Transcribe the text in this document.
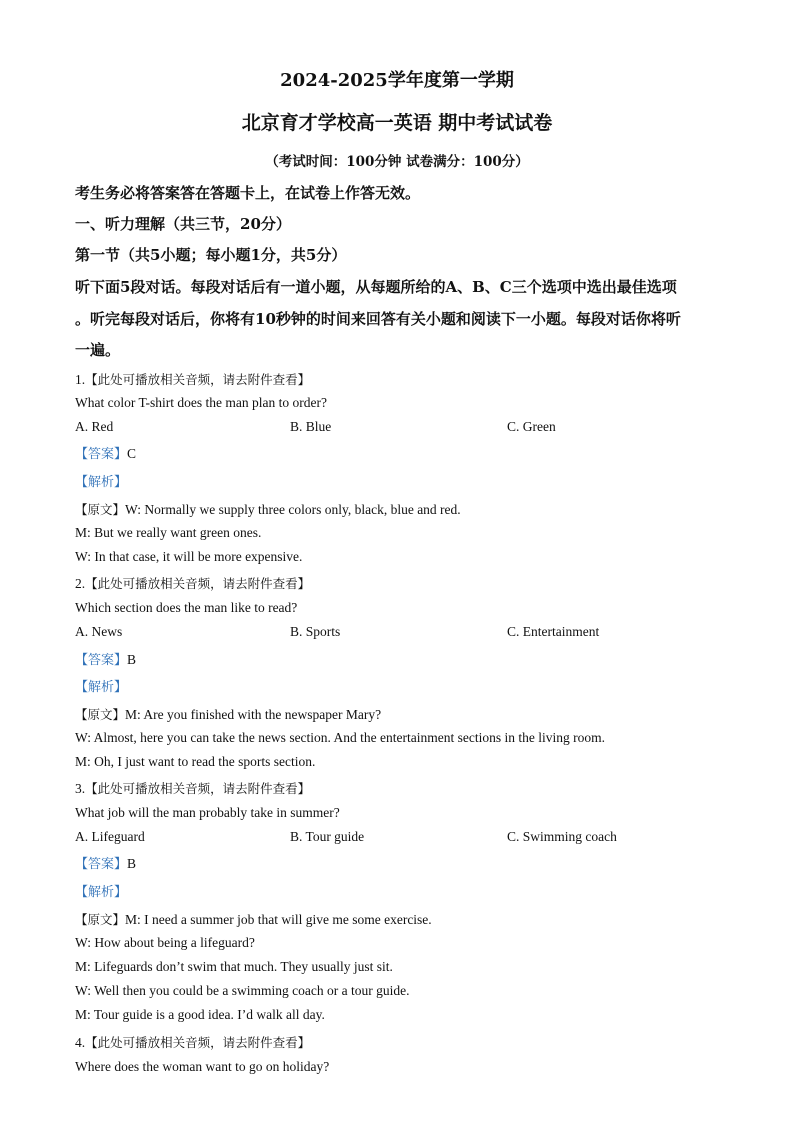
2024-2025学年度第一学期
北京育才学校高一英语 期中考试试卷
（考试时间：100分钟 试卷满分：100分）
考生务必将答案答在答题卡上，在试卷上作答无效。
一、听力理解（共三节，20分）
第一节（共5小题；每小题1分，共5分）
听下面5段对话。每段对话后有一道小题，从每题所给的A、B、C三个选项中选出最佳选项
。听完每段对话后，你将有10秒钟的时间来回答有关小题和阅读下一小题。每段对话你将听
一遍。
1.【此处可播放相关音频，请去附件查看】
What color T-shirt does the man plan to order?
A. Red	B. Blue	C. Green
【答案】C
【解析】
【原文】W: Normally we supply three colors only, black, blue and red.
M: But we really want green ones.
W: In that case, it will be more expensive.
2.【此处可播放相关音频，请去附件查看】
Which section does the man like to read?
A. News	B. Sports	C. Entertainment
【答案】B
【解析】
【原文】M: Are you finished with the newspaper Mary?
W: Almost, here you can take the news section. And the entertainment sections in the living room.
M: Oh, I just want to read the sports section.
3.【此处可播放相关音频，请去附件查看】
What job will the man probably take in summer?
A. Lifeguard	B. Tour guide	C. Swimming coach
【答案】B
【解析】
【原文】M: I need a summer job that will give me some exercise.
W: How about being a lifeguard?
M: Lifeguards don’t swim that much. They usually just sit.
W: Well then you could be a swimming coach or a tour guide.
M: Tour guide is a good idea. I’d walk all day.
4.【此处可播放相关音频，请去附件查看】
Where does the woman want to go on holiday?
